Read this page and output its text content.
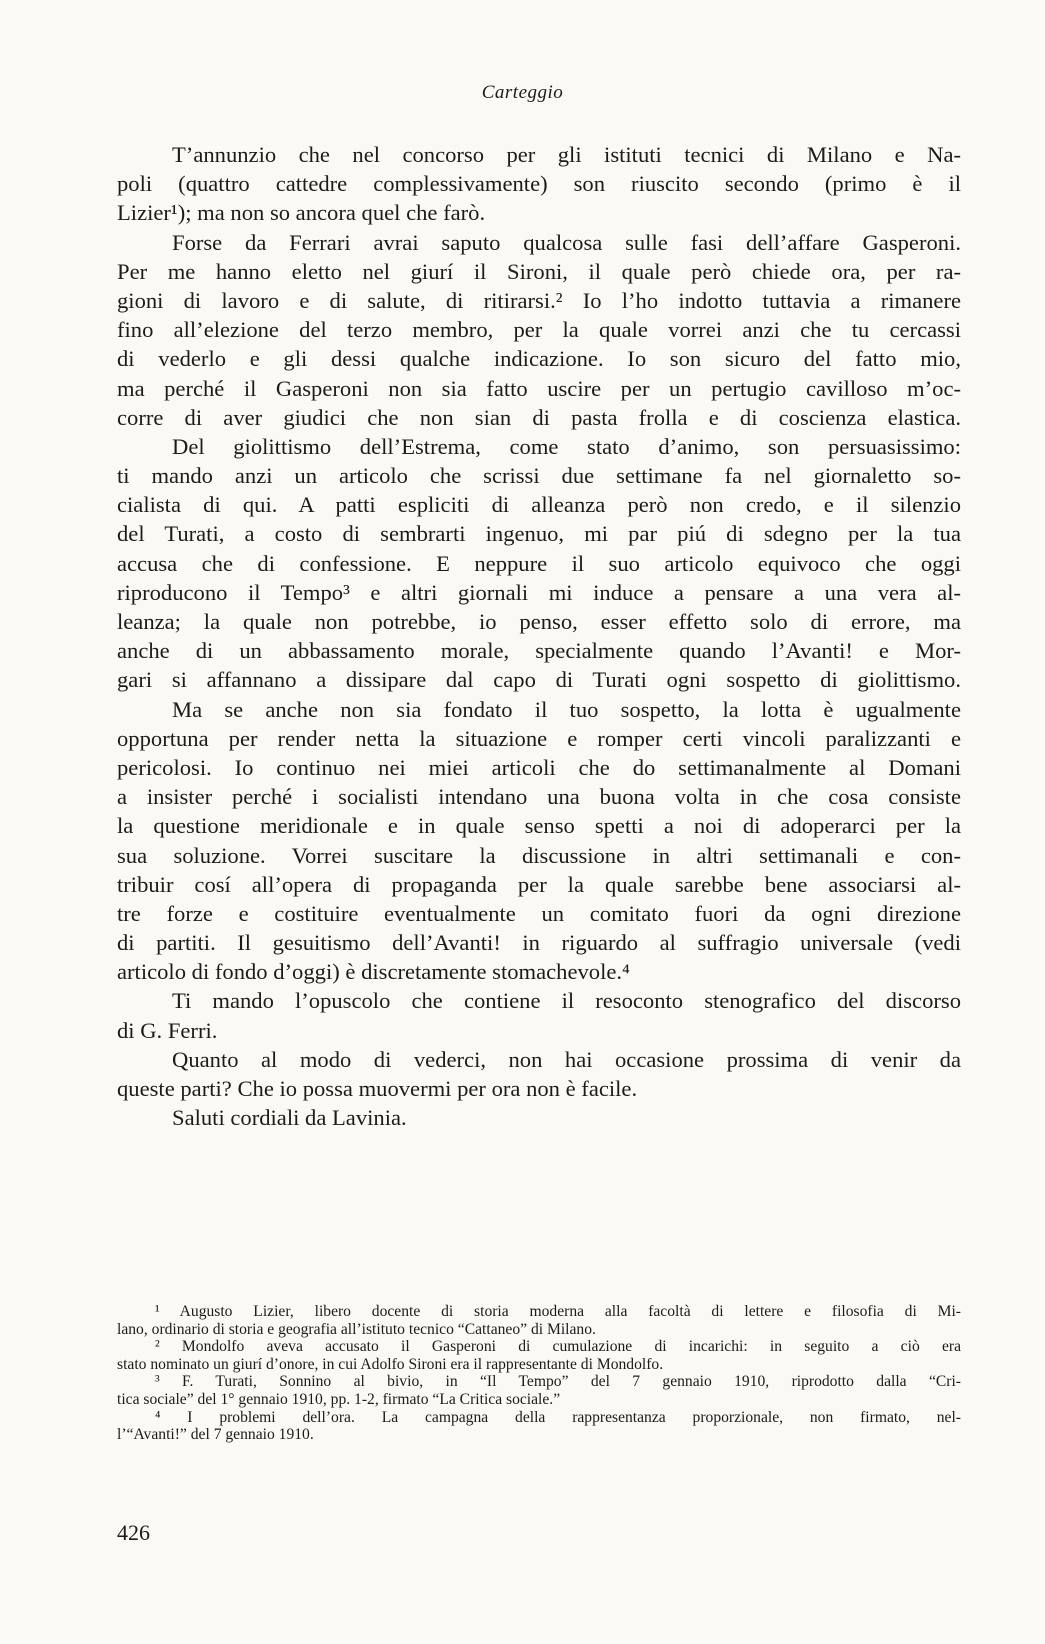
Carteggio
T’annunzio che nel concorso per gli istituti tecnici di Milano e Na-
poli (quattro cattedre complessivamente) son riuscito secondo (primo è il
Lizier¹); ma non so ancora quel che farò.
Forse da Ferrari avrai saputo qualcosa sulle fasi dell’affare Gasperoni.
Per me hanno eletto nel giurí il Sironi, il quale però chiede ora, per ra-
gioni di lavoro e di salute, di ritirarsi.² Io l’ho indotto tuttavia a rimanere
fino all’elezione del terzo membro, per la quale vorrei anzi che tu cercassi
di vederlo e gli dessi qualche indicazione. Io son sicuro del fatto mio,
ma perché il Gasperoni non sia fatto uscire per un pertugio cavilloso m’oc-
corre di aver giudici che non sian di pasta frolla e di coscienza elastica.
Del giolittismo dell’Estrema, come stato d’animo, son persuasissimo:
ti mando anzi un articolo che scrissi due settimane fa nel giornaletto so-
cialista di qui. A patti espliciti di alleanza però non credo, e il silenzio
del Turati, a costo di sembrarti ingenuo, mi par piú di sdegno per la tua
accusa che di confessione. E neppure il suo articolo equivoco che oggi
riproducono il Tempo³ e altri giornali mi induce a pensare a una vera al-
leanza; la quale non potrebbe, io penso, esser effetto solo di errore, ma
anche di un abbassamento morale, specialmente quando l’Avanti! e Mor-
gari si affannano a dissipare dal capo di Turati ogni sospetto di giolittismo.
Ma se anche non sia fondato il tuo sospetto, la lotta è ugualmente
opportuna per render netta la situazione e romper certi vincoli paralizzanti e
pericolosi. Io continuo nei miei articoli che do settimanalmente al Domani
a insister perché i socialisti intendano una buona volta in che cosa consiste
la questione meridionale e in quale senso spetti a noi di adoperarci per la
sua soluzione. Vorrei suscitare la discussione in altri settimanali e con-
tribuir cosí all’opera di propaganda per la quale sarebbe bene associarsi al-
tre forze e costituire eventualmente un comitato fuori da ogni direzione
di partiti. Il gesuitismo dell’Avanti! in riguardo al suffragio universale (vedi
articolo di fondo d’oggi) è discretamente stomachevole.⁴
Ti mando l’opuscolo che contiene il resoconto stenografico del discorso
di G. Ferri.
Quanto al modo di vederci, non hai occasione prossima di venir da
queste parti? Che io possa muovermi per ora non è facile.
Saluti cordiali da Lavinia.
¹ Augusto Lizier, libero docente di storia moderna alla facoltà di lettere e filosofia di Mi-
lano, ordinario di storia e geografia all’istituto tecnico “Cattaneo” di Milano.
² Mondolfo aveva accusato il Gasperoni di cumulazione di incarichi: in seguito a ciò era
stato nominato un giurí d’onore, in cui Adolfo Sironi era il rappresentante di Mondolfo.
³ F. Turati, Sonnino al bivio, in “Il Tempo” del 7 gennaio 1910, riprodotto dalla “Cri-
tica sociale” del 1° gennaio 1910, pp. 1-2, firmato “La Critica sociale.”
⁴ I problemi dell’ora. La campagna della rappresentanza proporzionale, non firmato, nel-
l’“Avanti!” del 7 gennaio 1910.
426
